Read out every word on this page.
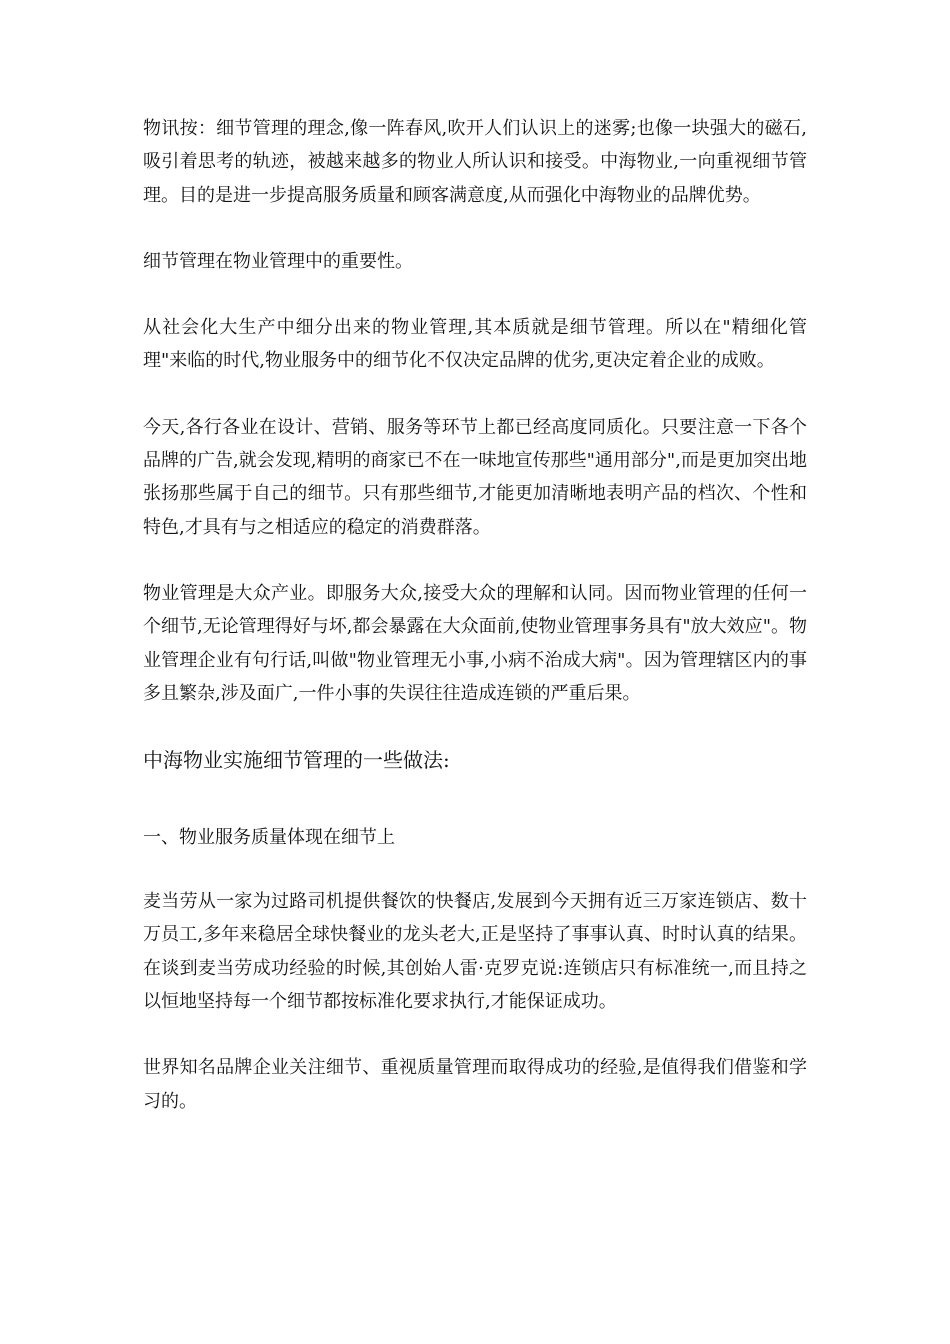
物讯按：细节管理的理念,像一阵春风,吹开人们认识上的迷雾;也像一块强大的磁石,吸引着思考的轨迹，被越来越多的物业人所认识和接受。中海物业,一向重视细节管理。目的是进一步提高服务质量和顾客满意度,从而强化中海物业的品牌优势。

细节管理在物业管理中的重要性。

从社会化大生产中细分出来的物业管理,其本质就是细节管理。所以在"精细化管理"来临的时代,物业服务中的细节化不仅决定品牌的优劣,更决定着企业的成败。

今天,各行各业在设计、营销、服务等环节上都已经高度同质化。只要注意一下各个品牌的广告,就会发现,精明的商家已不在一味地宣传那些"通用部分",而是更加突出地张扬那些属于自己的细节。只有那些细节,才能更加清晰地表明产品的档次、个性和特色,才具有与之相适应的稳定的消费群落。

物业管理是大众产业。即服务大众,接受大众的理解和认同。因而物业管理的任何一个细节,无论管理得好与坏,都会暴露在大众面前,使物业管理事务具有"放大效应"。物业管理企业有句行话,叫做"物业管理无小事,小病不治成大病"。因为管理辖区内的事多且繁杂,涉及面广,一件小事的失误往往造成连锁的严重后果。

中海物业实施细节管理的一些做法:

一、物业服务质量体现在细节上

麦当劳从一家为过路司机提供餐饮的快餐店,发展到今天拥有近三万家连锁店、数十万员工,多年来稳居全球快餐业的龙头老大,正是坚持了事事认真、时时认真的结果。在谈到麦当劳成功经验的时候,其创始人雷·克罗克说:连锁店只有标准统一,而且持之以恒地坚持每一个细节都按标准化要求执行,才能保证成功。

世界知名品牌企业关注细节、重视质量管理而取得成功的经验,是值得我们借鉴和学习的。
